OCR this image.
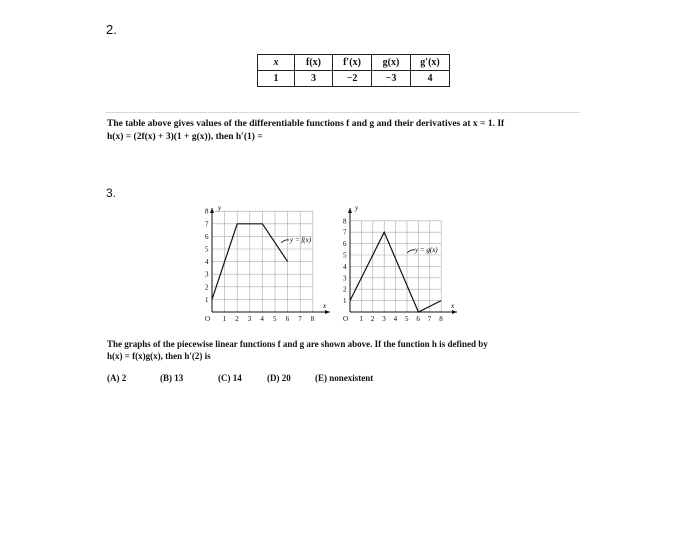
2.
x	f(x)	f′(x)	g(x)	g′(x)
1	3	−2	−3	4
The table above gives values of the differentiable functions f and g and their derivatives at x = 1. If
h(x) = (2f(x) + 3)(1 + g(x)), then h′(1) =
3.
x
y
O 1 2 3 4 5 6 7 8
1
2
3
4
5
6
7
8
y = f(x)
x
y
O 1 2 3 4 5 6 7 8
1
2
3
4
5
6
7
8
y = g(x)
The graphs of the piecewise linear functions f and g are shown above. If the function h is defined by
h(x) = f(x)g(x), then h′(2) is
(A) 2	(B) 13	(C) 14	(D) 20	(E) nonexistent
